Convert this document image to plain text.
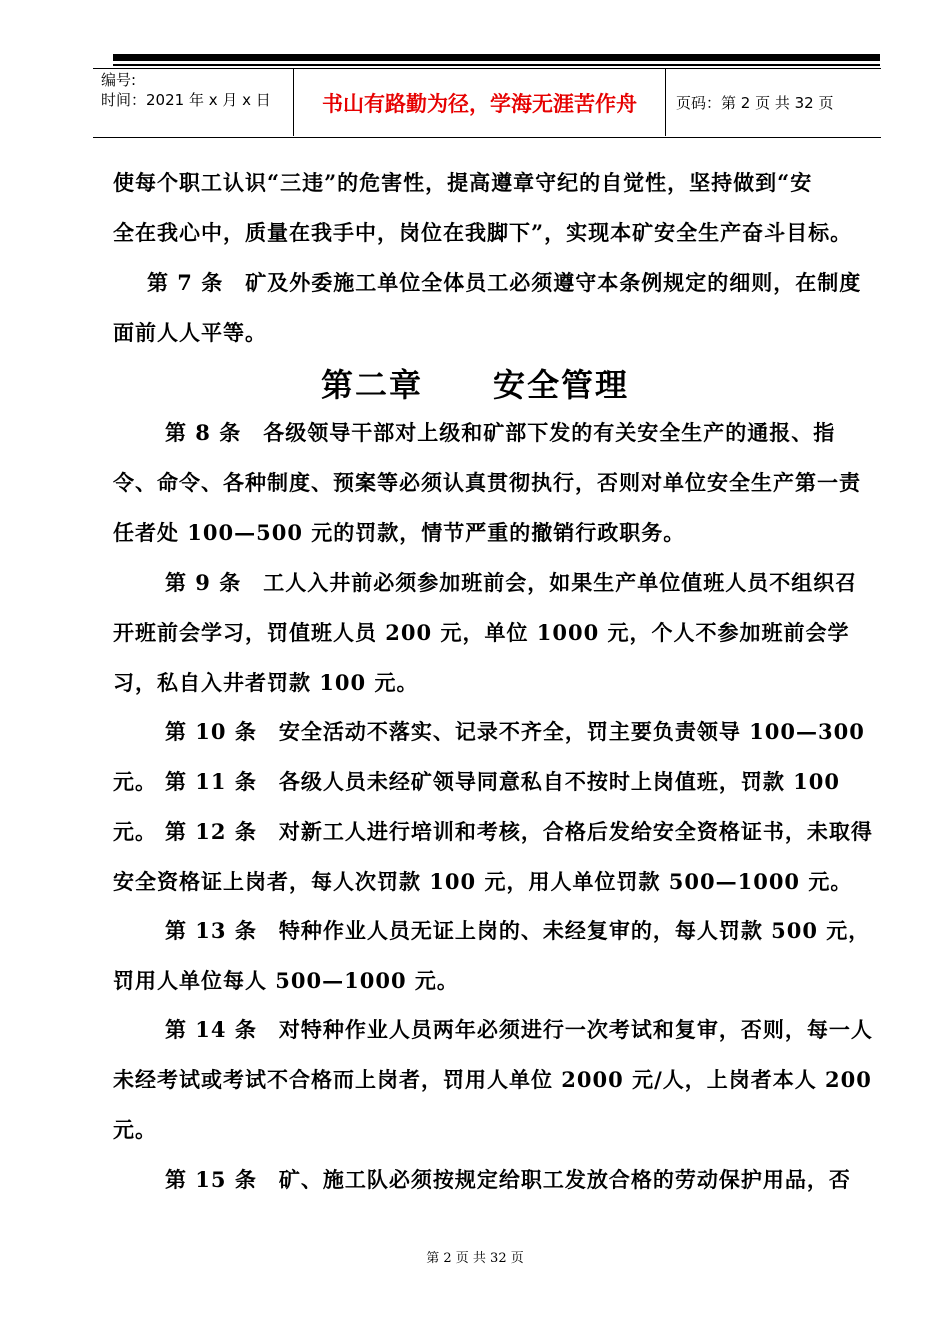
编号:
时间：2021 年 x 月 x 日	书山有路勤为径，学海无涯苦作舟	页码：第 2 页 共 32 页
使每个职工认识“三违”的危害性，提高遵章守纪的自觉性，坚持做到“安
全在我心中，质量在我手中，岗位在我脚下”，实现本矿安全生产奋斗目标。
第 7 条　矿及外委施工单位全体员工必须遵守本条例规定的细则，在制度面前人人平等。
第二章 安全管理
第 8 条　各级领导干部对上级和矿部下发的有关安全生产的通报、指令、命令、各种制度、预案等必须认真贯彻执行，否则对单位安全生产第一责任者处 100—500 元的罚款，情节严重的撤销行政职务。
第 9 条　工人入井前必须参加班前会，如果生产单位值班人员不组织召开班前会学习，罚值班人员 200 元，单位 1000 元，个人不参加班前会学习，私自入井者罚款 100 元。
第 10 条　安全活动不落实、记录不齐全，罚主要负责领导 100—300 元。 第 11 条　各级人员未经矿领导同意私自不按时上岗值班，罚款 100 元。 第 12 条　对新工人进行培训和考核，合格后发给安全资格证书，未取得安全资格证上岗者，每人次罚款 100 元，用人单位罚款 500—1000 元。
第 13 条　特种作业人员无证上岗的、未经复审的，每人罚款 500 元，罚用人单位每人 500—1000 元。
第 14 条　对特种作业人员两年必须进行一次考试和复审，否则，每一人未经考试或考试不合格而上岗者，罚用人单位 2000 元/人，上岗者本人 200 元。
第 15 条　矿、施工队必须按规定给职工发放合格的劳动保护用品，否
第 2 页 共 32 页
